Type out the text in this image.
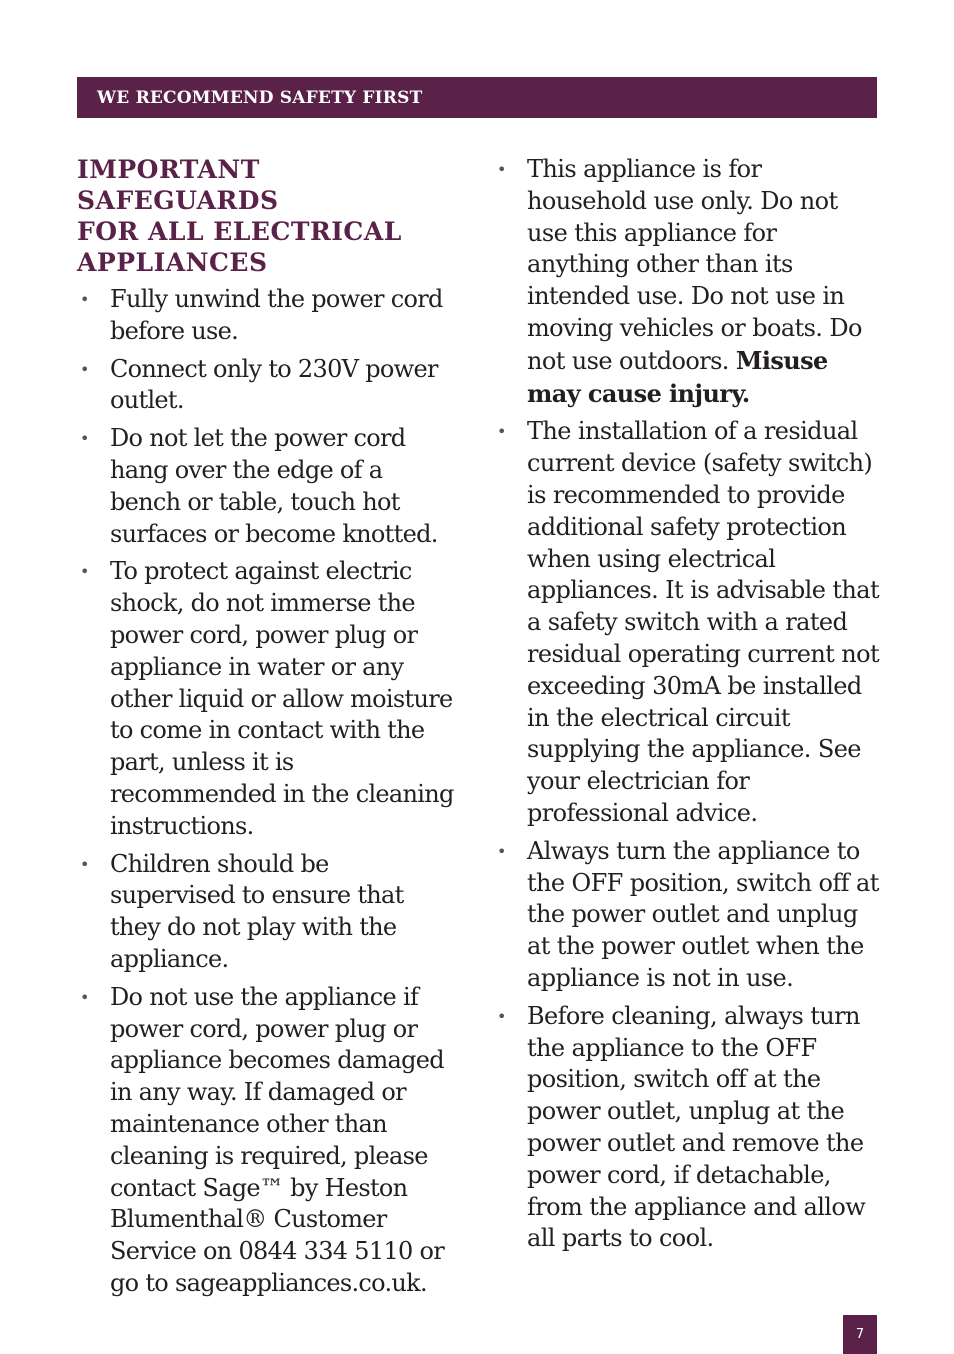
WE RECOMMEND SAFETY FIRST
IMPORTANT SAFEGUARDS
FOR ALL ELECTRICAL
APPLIANCES
• Fully unwind the power cord before use.
• Connect only to 230V power outlet.
• Do not let the power cord hang over the edge of a bench or table, touch hot surfaces or become knotted.
• To protect against electric shock, do not immerse the power cord, power plug or appliance in water or any other liquid or allow moisture to come in contact with the part, unless it is recommended in the cleaning instructions.
• Children should be supervised to ensure that they do not play with the appliance.
• Do not use the appliance if power cord, power plug or appliance becomes damaged in any way. If damaged or maintenance other than cleaning is required, please contact Sage™ by Heston Blumenthal® Customer Service on 0844 334 5110 or go to sageappliances.co.uk.
• This appliance is for household use only. Do not use this appliance for anything other than its intended use. Do not use in moving vehicles or boats. Do not use outdoors. Misuse may cause injury.
• The installation of a residual current device (safety switch) is recommended to provide additional safety protection when using electrical appliances. It is advisable that a safety switch with a rated residual operating current not exceeding 30mA be installed in the electrical circuit supplying the appliance. See your electrician for professional advice.
• Always turn the appliance to the OFF position, switch off at the power outlet and unplug at the power outlet when the appliance is not in use.
• Before cleaning, always turn the appliance to the OFF position, switch off at the power outlet, unplug at the power outlet and remove the power cord, if detachable, from the appliance and allow all parts to cool.
7
